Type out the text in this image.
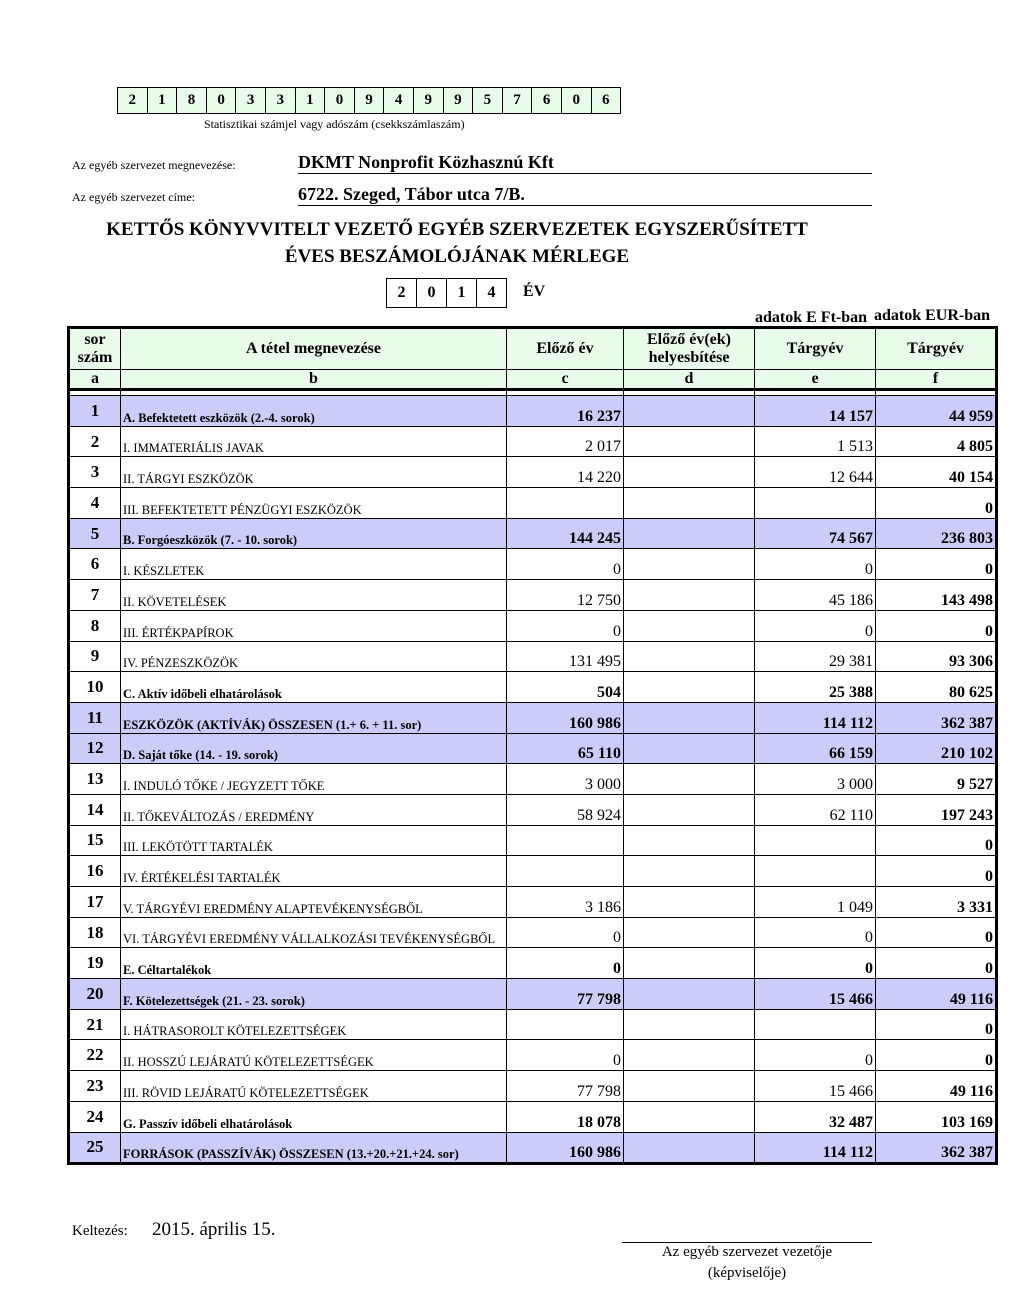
2	1	8	0	3	3	1	0	9	4	9	9	5	7	6	0	6
Statisztikai számjel vagy adószám (csekkszámlaszám)
Az egyéb szervezet megnevezése:	DKMT Nonprofit Közhasznú Kft
Az egyéb szervezet címe:	6722. Szeged, Tábor utca 7/B.
KETTŐS KÖNYVVITELT VEZETŐ EGYÉB SZERVEZETEK EGYSZERŰSÍTETT
ÉVES BESZÁMOLÓJÁNAK MÉRLEGE
2	0	1	4	ÉV
adatok E Ft-ban adatok EUR-ban
sor szám	A tétel megnevezése	Előző év	Előző év(ek) helyesbítése	Tárgyév	Tárgyév
a	b	c	d	e	f

1	A. Befektetett eszközök (2.-4. sorok)	16 237		14 157	44 959
2	I. IMMATERIÁLIS JAVAK	2 017		1 513	4 805
3	II. TÁRGYI ESZKÖZÖK	14 220		12 644	40 154
4	III. BEFEKTETETT PÉNZÜGYI ESZKÖZÖK				0
5	B. Forgóeszközök (7. - 10. sorok)	144 245		74 567	236 803
6	I. KÉSZLETEK	0		0	0
7	II. KÖVETELÉSEK	12 750		45 186	143 498
8	III. ÉRTÉKPAPÍROK	0		0	0
9	IV. PÉNZESZKÖZÖK	131 495		29 381	93 306
10	C. Aktív időbeli elhatárolások	504		25 388	80 625
11	ESZKÖZÖK (AKTÍVÁK) ÖSSZESEN (1.+ 6. + 11. sor)	160 986		114 112	362 387
12	D. Saját tőke (14. - 19. sorok)	65 110		66 159	210 102
13	I. INDULÓ TŐKE / JEGYZETT TŐKE	3 000		3 000	9 527
14	II. TŐKEVÁLTOZÁS / EREDMÉNY	58 924		62 110	197 243
15	III. LEKÖTÖTT TARTALÉK				0
16	IV. ÉRTÉKELÉSI TARTALÉK				0
17	V. TÁRGYÉVI EREDMÉNY ALAPTEVÉKENYSÉGBŐL	3 186		1 049	3 331
18	VI. TÁRGYÉVI EREDMÉNY VÁLLALKOZÁSI TEVÉKENYSÉGBŐL	0		0	0
19	E. Céltartalékok	0		0	0
20	F. Kötelezettségek (21. - 23. sorok)	77 798		15 466	49 116
21	I. HÁTRASOROLT KÖTELEZETTSÉGEK				0
22	II. HOSSZÚ LEJÁRATÚ KÖTELEZETTSÉGEK	0		0	0
23	III. RÖVID LEJÁRATÚ KÖTELEZETTSÉGEK	77 798		15 466	49 116
24	G. Passzív időbeli elhatárolások	18 078		32 487	103 169
25	FORRÁSOK (PASSZÍVÁK) ÖSSZESEN (13.+20.+21.+24. sor)	160 986		114 112	362 387
Keltezés: 2015. április 15.
Az egyéb szervezet vezetője
(képviselője)
